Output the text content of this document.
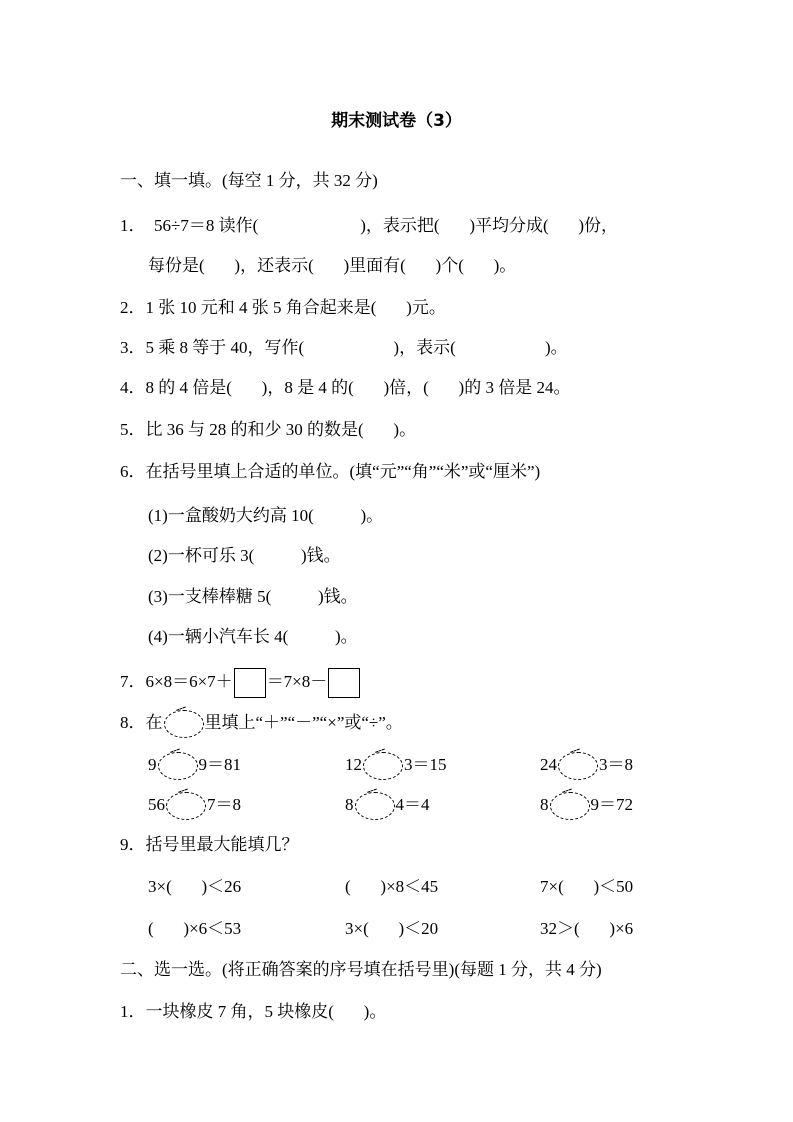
期末测试卷（3）
一、填一填。(每空 1 分，共 32 分)
1．  56÷7＝8 读作(                        )，表示把(       )平均分成(       )份，
每份是(       )，还表示(       )里面有(       )个(       )。
2．1 张 10 元和 4 张 5 角合起来是(       )元。
3．5 乘 8 等于 40，写作(                     )，表示(                     )。
4．8 的 4 倍是(       )，8 是 4 的(       )倍，(       )的 3 倍是 24。
5．比 36 与 28 的和少 30 的数是(       )。
6．在括号里填上合适的单位。(填“元”“角”“米”或“厘米”)
(1)一盒酸奶大约高 10(           )。
(2)一杯可乐 3(           )钱。
(3)一支棒棒糖 5(           )钱。
(4)一辆小汽车长 4(           )。
7．6×8＝6×7＋ ＝7×8－
8．在 里填上“＋”“－”“×”或“÷”。
9 9＝81	12 3＝15	24 3＝8
56 7＝8	8 4＝4	8 9＝72
9．括号里最大能填几？
3×(       )＜26	(       )×8＜45	7×(       )＜50
(       )×6＜53	3×(       )＜20	32＞(       )×6
二、选一选。(将正确答案的序号填在括号里)(每题 1 分，共 4 分)
1．一块橡皮 7 角，5 块橡皮(       )。
